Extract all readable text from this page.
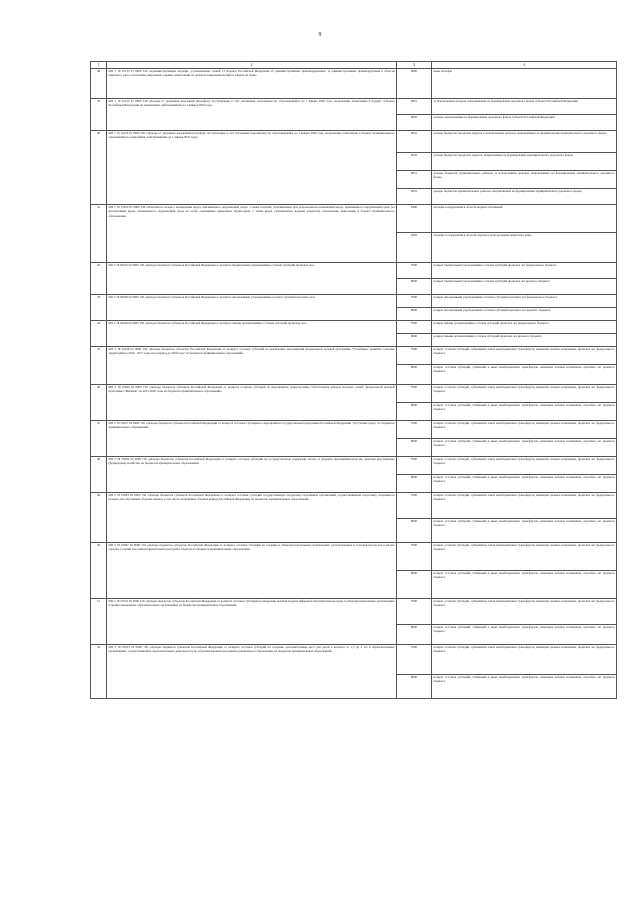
9
1	2	3	4
38	000 1 16 01133 01 0000 140 «Административные штрафы, установленные главой 13 Кодекса Российской Федерации об административных правонарушениях, за административные правонарушения в области воинского учета, налагаемые мировыми судьями, комиссиями по делам несовершеннолетних и защите их прав»	9000	иные штрафы
39	000 1 16 10122 01 0000 140 «Доходы от денежных взысканий (штрафов), поступающие в счет погашения задолженности, образовавшейся до 1 января 2020 года, подлежащие зачислению в бюджет субъекта Российской Федерации по нормативам, действовавшим до 1 января 2020 года»	0001	за исключением доходов, направляемых на формирование дорожного фонда субъекта Российской Федерации
		0002	доходы, направляемые на формирование дорожного фонда субъекта Российской Федерации
40	000 1 16 10123 01 0000 140 «Доходы от денежных взысканий (штрафов), поступающие в счет погашения задолженности, образовавшейся до 1 января 2020 года, подлежащие зачислению в бюджет муниципального образования по нормативам, действовавшим до 1 января 2019 года»	0041	доходы бюджетов городских округов за исключением доходов, направляемых на формирование муниципального дорожного фонда
		0042	доходы бюджетов городских округов, направляемые на формирование муниципального дорожного фонда
		0051	доходы бюджетов муниципальных районов за исключением доходов, направляемых на формирование муниципального дорожного фонда
		0052	доходы бюджетов муниципальных районов, направляемые на формирование муниципального дорожного фонда
41	000 1 16 11050 01 0000 140 «Платежи по искам о возмещении вреда, причиненного окружающей среде, а также платежи, уплачиваемые при добровольном возмещении вреда, причиненного окружающей среде (за исключением вреда, причиненного окружающей среде на особо охраняемых природных территориях, а также вреда, причиненного водным объектам), подлежащие зачислению в бюджет муниципального образования»	0400	штрафы за нарушения в области водных отношений
		0402	штрафы за нарушения в области охраны и использования животного мира
42	000 2 18 02010 02 0000 150 «Доходы бюджетов субъектов Российской Федерации от возврата бюджетными учреждениями остатков субсидий прошлых лет»	7000	возврат бюджетными учреждениями остатков субсидий прошлых лет федерального бюджета
		8000	возврат бюджетными учреждениями остатков субсидий прошлых лет краевого бюджета
43	000 2 18 02020 02 0000 150 «Доходы бюджетов субъектов Российской Федерации от возврата автономными учреждениями остатков субсидий прошлых лет»	7000	возврат автономными учреждениями остатков субсидий прошлых лет федерального бюджета
		8000	возврат автономными учреждениями остатков субсидий прошлых лет краевого бюджета
44	000 2 18 02030 02 0000 150 «Доходы бюджетов субъектов Российской Федерации от возврата иными организациями остатков субсидий прошлых лет»	7000	возврат иными организациями остатков субсидий прошлых лет федерального бюджета
		8000	возврат иными организациями остатков субсидий прошлых лет краевого бюджета
45	000 2 18 25018 02 0000 150 «Доходы бюджетов субъектов Российской Федерации от возврата остатков субсидий на реализацию мероприятий федеральной целевой программы "Устойчивое развитие сельских территорий на 2014 - 2017 годы и на период до 2020 года" из бюджетов муниципальных образований»	7000	возврат остатков субсидий, субвенций и иных межбюджетных трансфертов, имеющих целевое назначение, прошлых лет федерального бюджета
		8000	возврат остатков субсидий, субвенций и иных межбюджетных трансфертов, имеющих целевое назначение, прошлых лет краевого бюджета
46	000 2 18 25020 02 0000 150 «Доходы бюджетов субъектов Российской Федерации от возврата остатков субсидий на мероприятия подпрограммы "Обеспечение жильем молодых семей" федеральной целевой программы "Жилище" на 2015-2020 годы из бюджетов муниципальных образований»	7000	возврат остатков субсидий, субвенций и иных межбюджетных трансфертов, имеющих целевое назначение, прошлых лет федерального бюджета
		8000	возврат остатков субсидий, субвенций и иных межбюджетных трансфертов, имеющих целевое назначение, прошлых лет краевого бюджета
47	000 2 18 25027 02 0000 150 «Доходы бюджетов субъектов Российской Федерации от возврата остатков субсидий на мероприятия государственной программы Российской Федерации "Доступная среда" из бюджетов муниципальных образований»	7000	возврат остатков субсидий, субвенций и иных межбюджетных трансфертов, имеющих целевое назначение, прошлых лет федерального бюджета
		8000	возврат остатков субсидий, субвенций и иных межбюджетных трансфертов, имеющих целевое назначение, прошлых лет краевого бюджета
48	000 2 18 25064 02 0000 150 «Доходы бюджетов субъектов Российской Федерации от возврата остатков субсидий на государственную поддержку малого и среднего предпринимательства, включая крестьянские (фермерские) хозяйства, из бюджетов муниципальных образований»	7000	возврат остатков субсидий, субвенций и иных межбюджетных трансфертов, имеющих целевое назначение, прошлых лет федерального бюджета
		8000	возврат остатков субсидий, субвенций и иных межбюджетных трансфертов, имеющих целевое назначение, прошлых лет краевого бюджета
49	000 2 18 25081 02 0000 150 «Доходы бюджетов субъектов Российской Федерации от возврата остатков субсидий государственную поддержку спортивных организаций, осуществляющих подготовку спортивного резерва для спортивных сборных команд, в том числе спортивных сборных команд Российской Федерации, из бюджетов муниципальных образований»	7000	возврат остатков субсидий, субвенций и иных межбюджетных трансфертов, имеющих целевое назначение, прошлых лет федерального бюджета
		8000	возврат остатков субсидий, субвенций и иных межбюджетных трансфертов, имеющих целевое назначение, прошлых лет краевого бюджета
50	000 2 18 25097 02 0000 150 «Доходы бюджетов субъектов Российской Федерации от возврата остатков субсидий на создание в общеобразовательных организациях, расположенных в сельской местности и малых городах, условий для занятий физической культурой и спортом из бюджетов муниципальных образований»	7000	возврат остатков субсидий, субвенций и иных межбюджетных трансфертов, имеющих целевое назначение, прошлых лет федерального бюджета
		8000	возврат остатков субсидий, субвенций и иных межбюджетных трансфертов, имеющих целевое назначение, прошлых лет краевого бюджета
51	000 2 18 25210 02 0000 150 «Доходы бюджетов субъектов Российской Федерации от возврата остатков субсидий на внедрение целевой модели цифровой образовательной среды в общеобразовательных организациях и профессиональных образовательных организациях из бюджетов муниципальных образований»	7000	возврат остатков субсидий, субвенций и иных межбюджетных трансфертов, имеющих целевое назначение, прошлых лет федерального бюджета
		8000	возврат остатков субсидий, субвенций и иных межбюджетных трансфертов, имеющих целевое назначение, прошлых лет краевого бюджета
52	000 2 18 25253 02 0000 150 «Доходы бюджетов субъектов Российской Федерации от возврата остатков субсидий на создание дополнительных мест для детей в возрасте от 1,5 до 3 лет в образовательных организациях, осуществляющих образовательную деятельность по образовательным программам дошкольного образования, из бюджетов муниципальных образований»	7000	возврат остатков субсидий, субвенций и иных межбюджетных трансфертов, имеющих целевое назначение, прошлых лет федерального бюджета
		8000	возврат остатков субсидий, субвенций и иных межбюджетных трансфертов, имеющих целевое назначение, прошлых лет краевого бюджета
